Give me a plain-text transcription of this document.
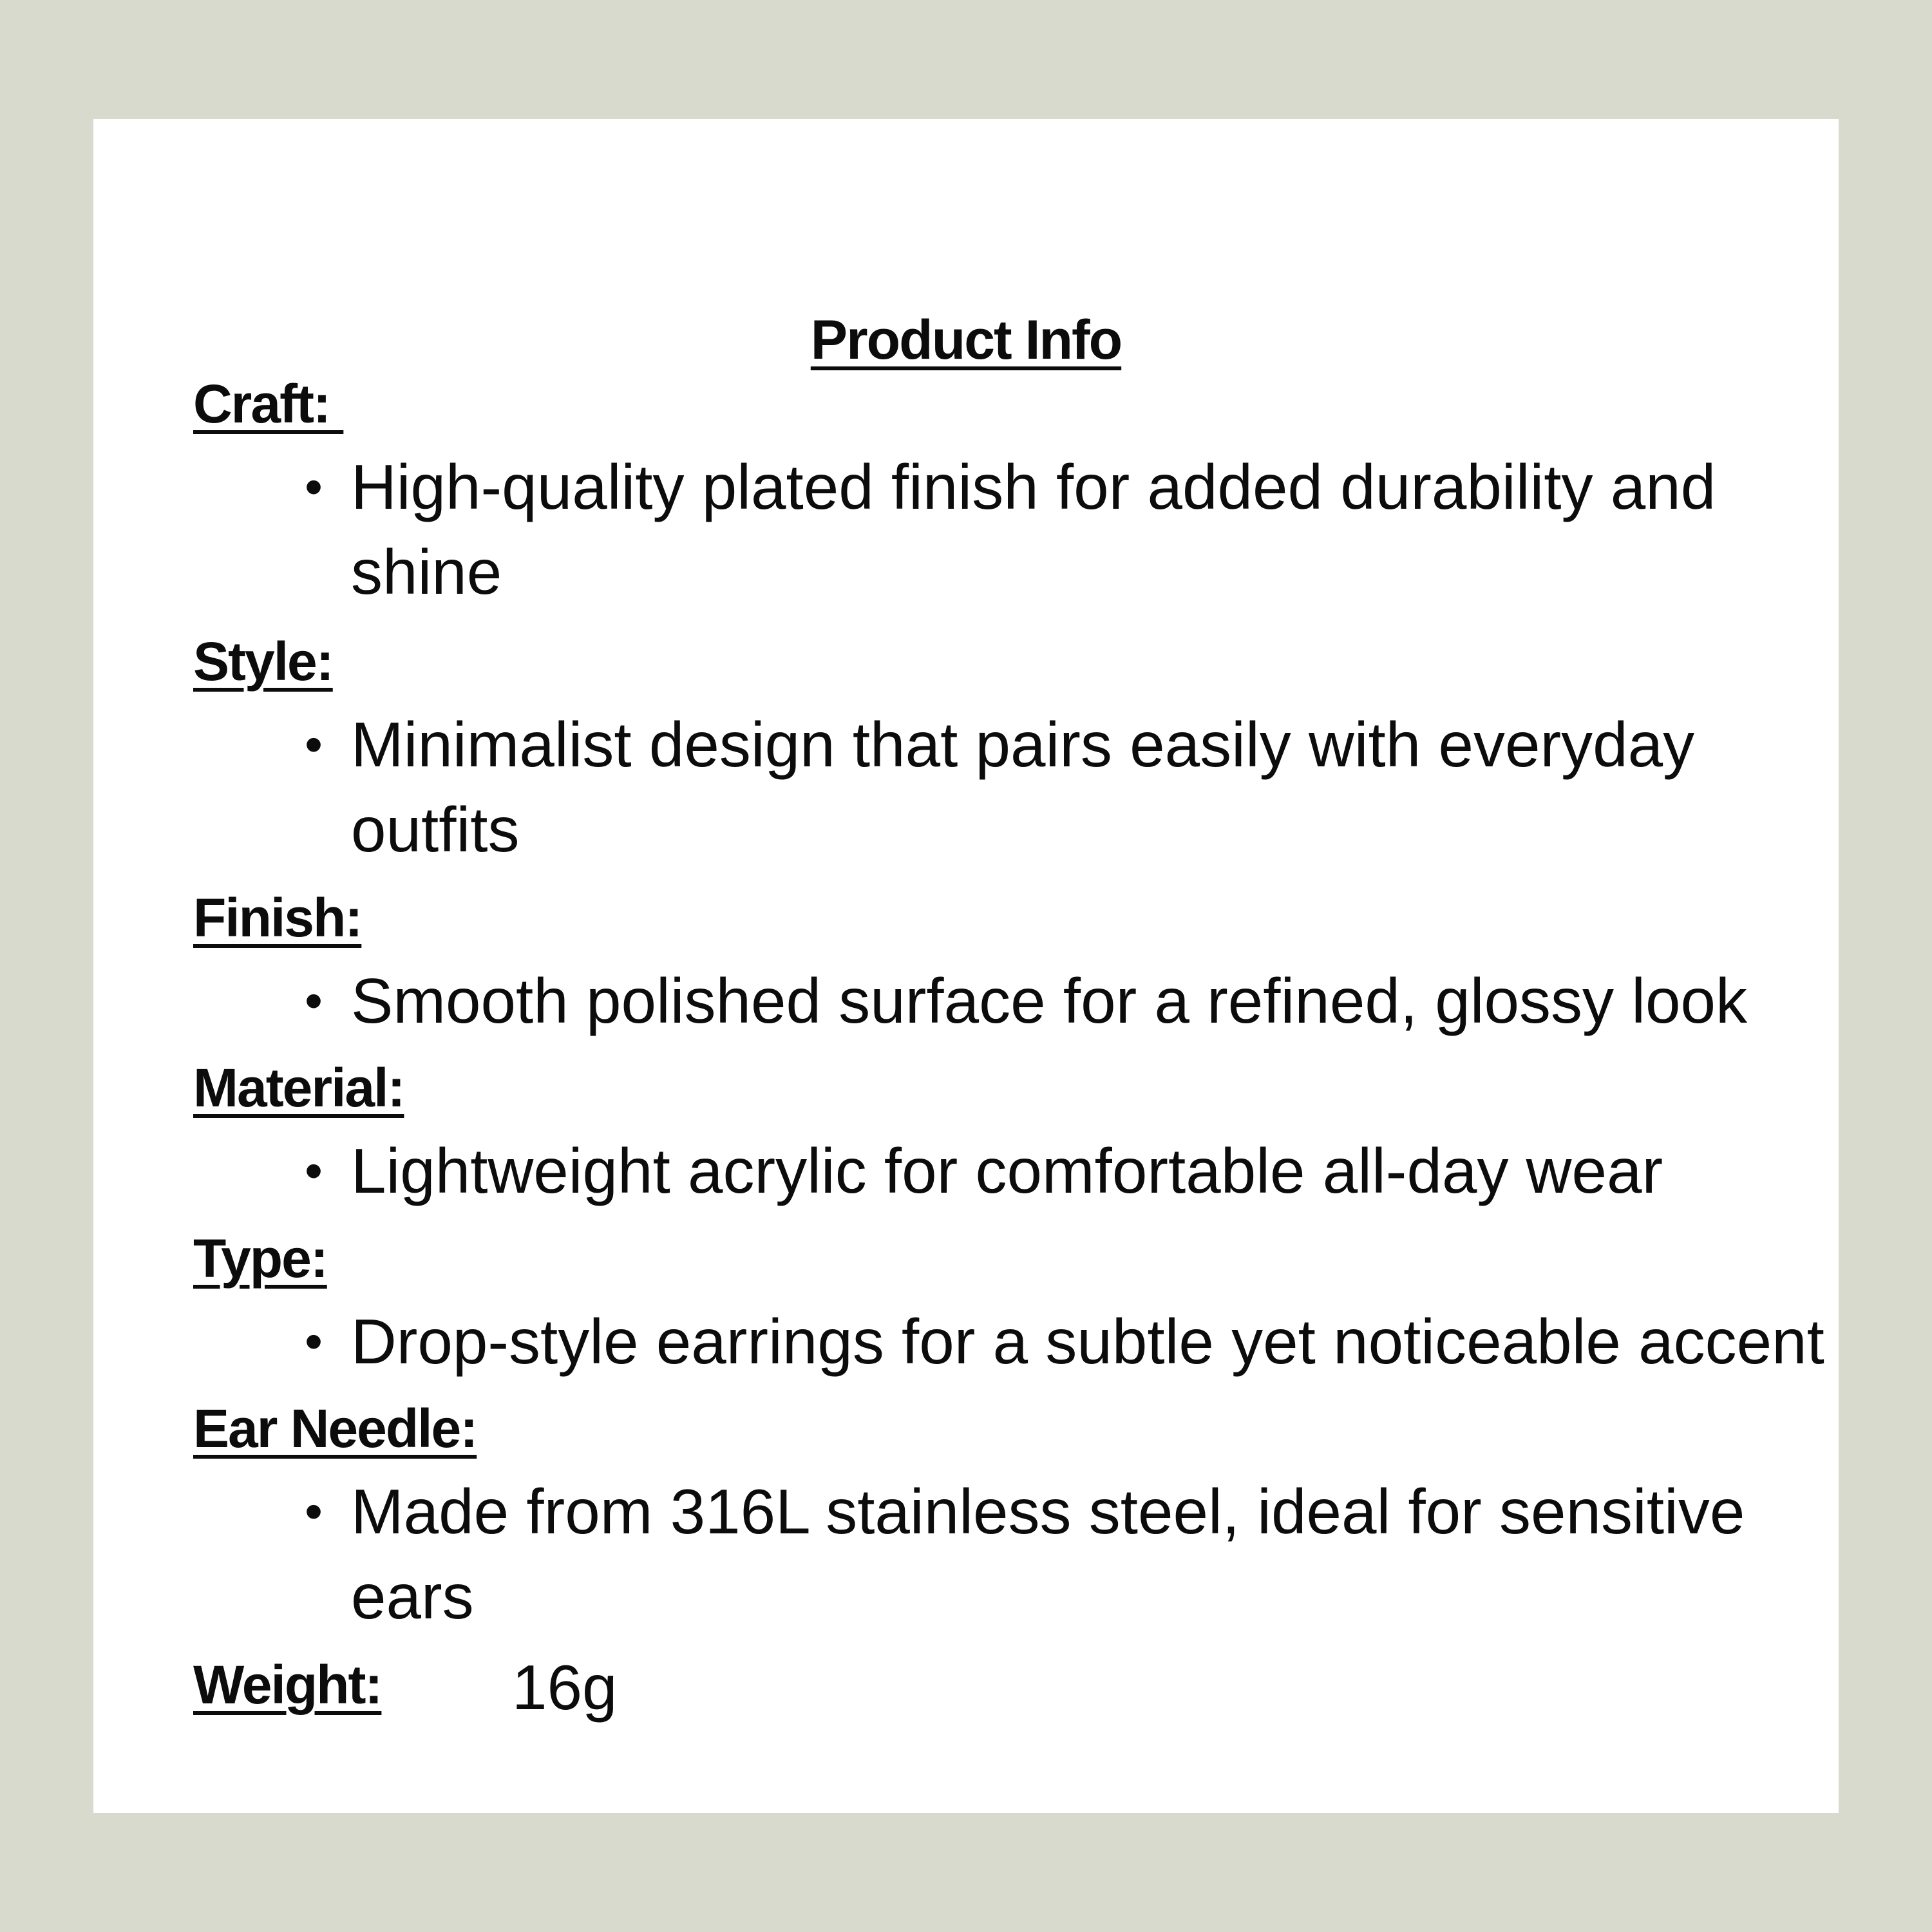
Product Info
Craft:
• High-quality plated finish for added durability and shine
Style:
• Minimalist design that pairs easily with everyday outfits
Finish:
• Smooth polished surface for a refined, glossy look
Material:
• Lightweight acrylic for comfortable all-day wear
Type:
• Drop-style earrings for a subtle yet noticeable accent
Ear Needle:
• Made from 316L stainless steel, ideal for sensitive ears
Weight: 16g
